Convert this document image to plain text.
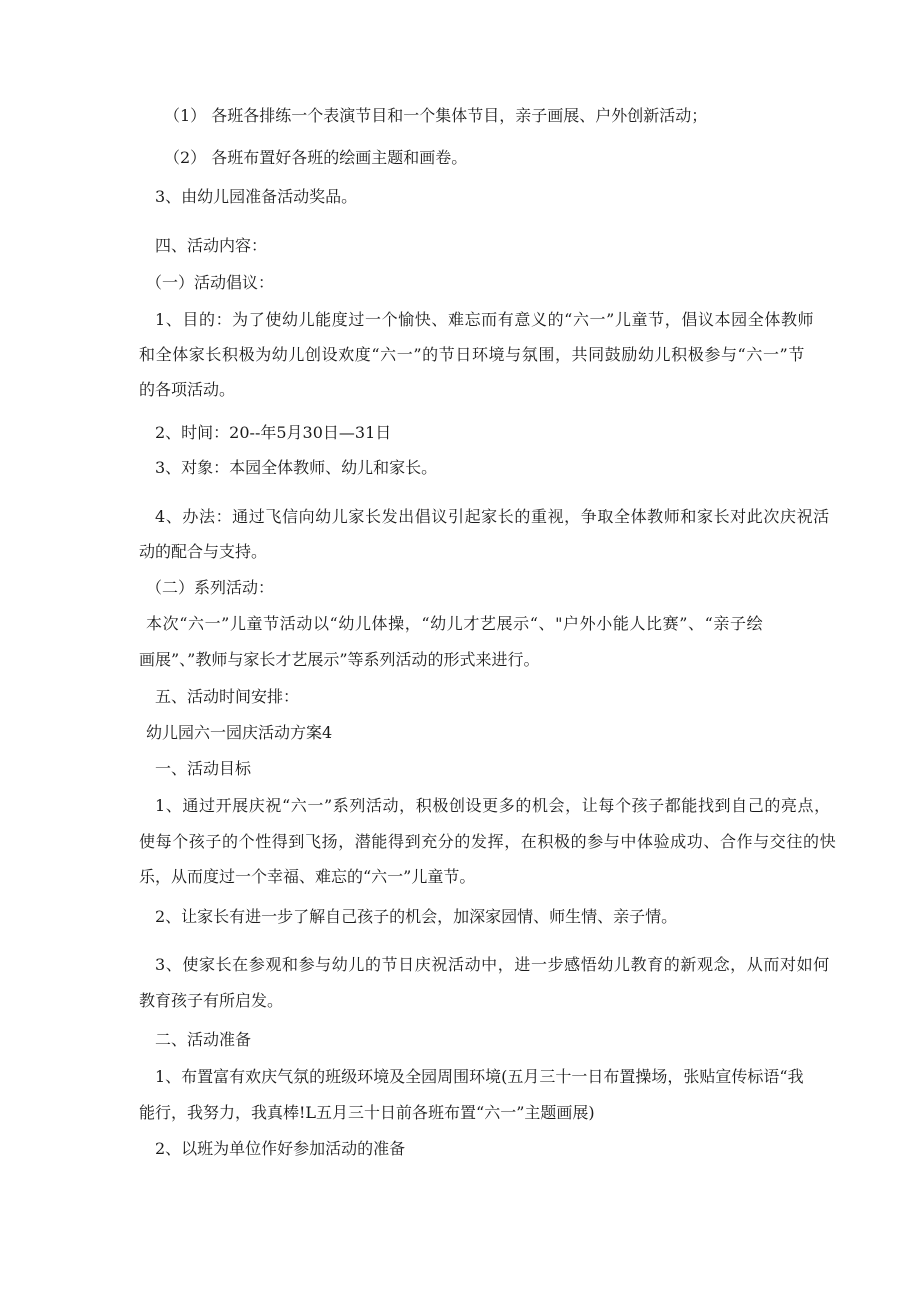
（1） 各班各排练一个表演节目和一个集体节目，亲子画展、户外创新活动；

（2） 各班布置好各班的绘画主题和画卷。

3、由幼儿园准备活动奖品。

四、活动内容：

（一）活动倡议：

1、目的：为了使幼儿能度过一个愉快、难忘而有意义的“六一”儿童节，倡议本园全体教师

和全体家长积极为幼儿创设欢度“六一”的节日环境与氛围，共同鼓励幼儿积极参与“六一”节

的各项活动。

2、时间：20--年5月30日—31日

3、对象：本园全体教师、幼儿和家长。

4、办法：通过飞信向幼儿家长发出倡议引起家长的重视，争取全体教师和家长对此次庆祝活

动的配合与支持。

（二）系列活动：

本次“六一”儿童节活动以“幼儿体操，“幼儿才艺展示“、"户外小能人比赛”、“亲子绘

画展”、”教师与家长才艺展示”等系列活动的形式来进行。

五、活动时间安排：

幼儿园六一园庆活动方案4

一、活动目标

1、通过开展庆祝“六一”系列活动，积极创设更多的机会，让每个孩子都能找到自己的亮点，

使每个孩子的个性得到飞扬，潜能得到充分的发挥，在积极的参与中体验成功、合作与交往的快

乐，从而度过一个幸福、难忘的“六一”儿童节。

2、让家长有进一步了解自己孩子的机会，加深家园情、师生情、亲子情。

3、使家长在参观和参与幼儿的节日庆祝活动中，进一步感悟幼儿教育的新观念，从而对如何

教育孩子有所启发。

二、活动准备

1、布置富有欢庆气氛的班级环境及全园周围环境(五月三十一日布置操场，张贴宣传标语“我

能行，我努力，我真棒!L五月三十日前各班布置“六一”主题画展)

2、以班为单位作好参加活动的准备
